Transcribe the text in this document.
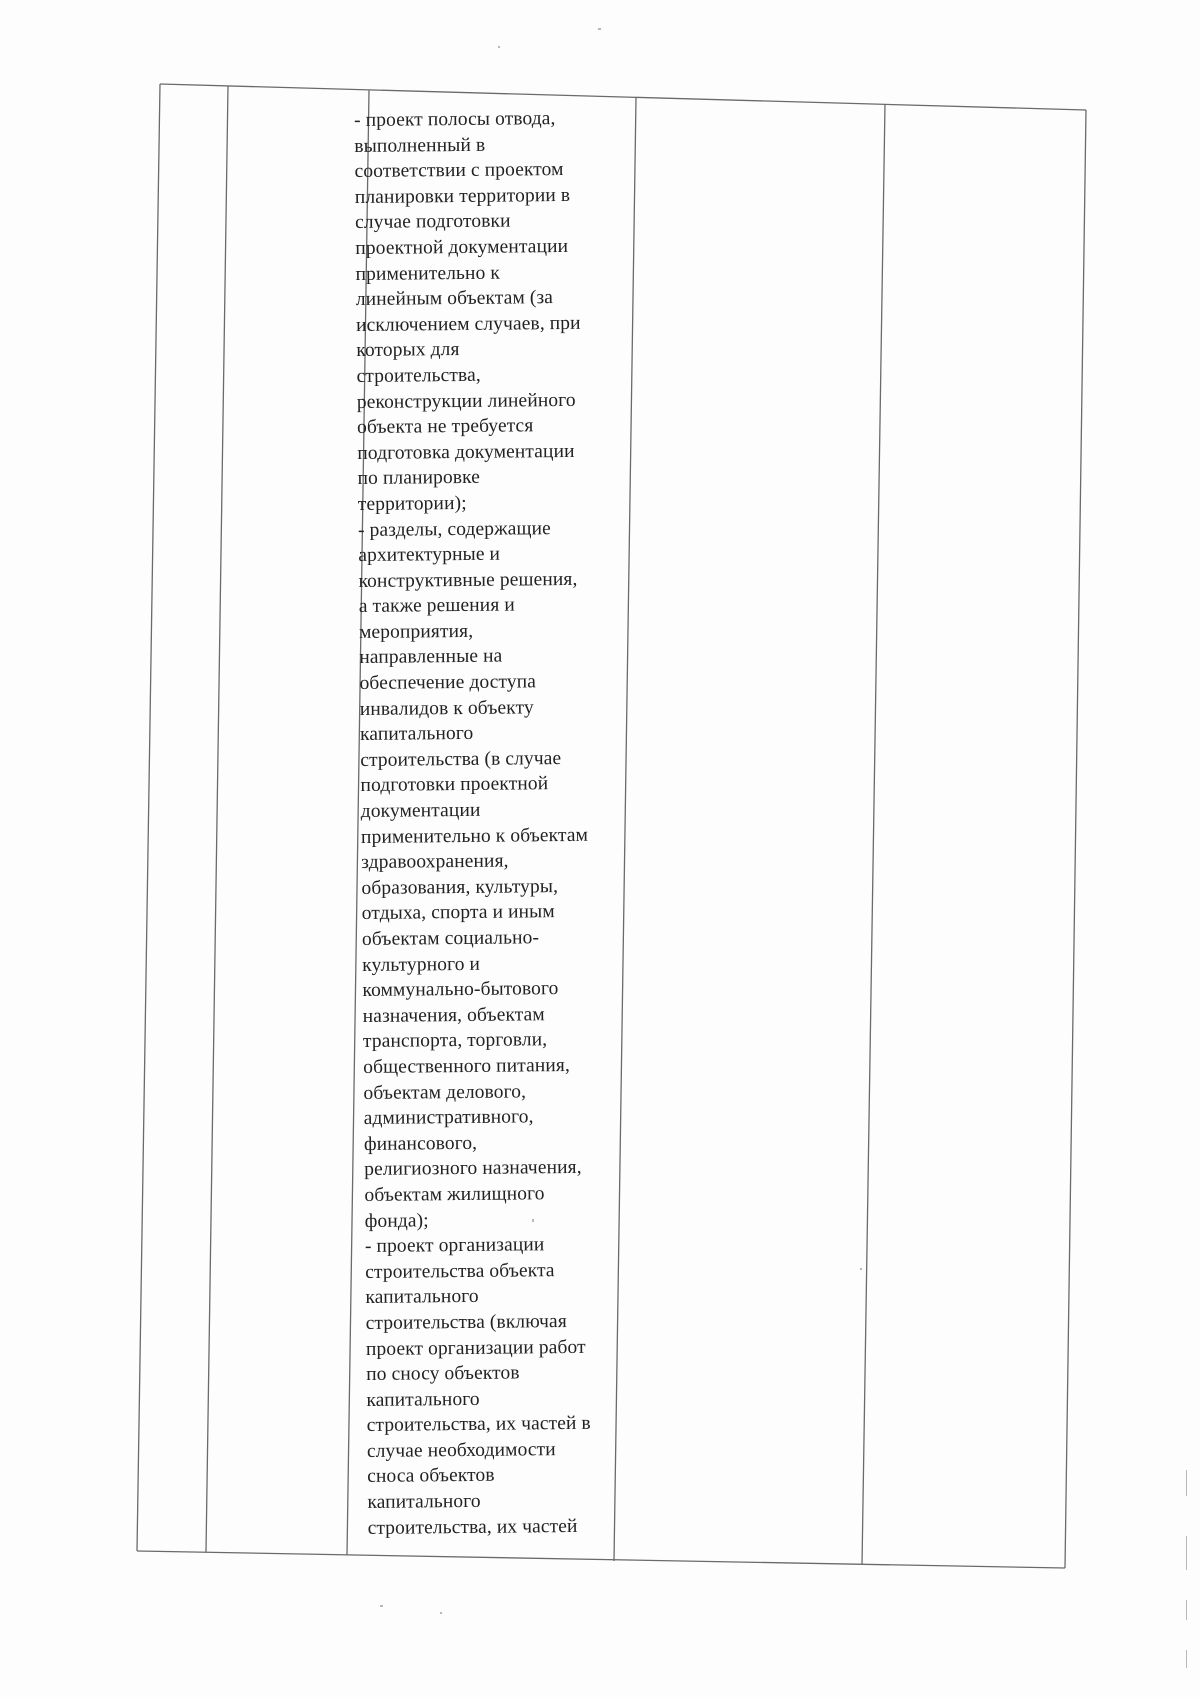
- проект полосы отвода,
выполненный в
соответствии с проектом
планировки территории в
случае подготовки
проектной документации
применительно к
линейным объектам (за
исключением случаев, при
которых для
строительства,
реконструкции линейного
объекта не требуется
подготовка документации
по планировке
территории);
- разделы, содержащие
архитектурные и
конструктивные решения,
а также решения и
мероприятия,
направленные на
обеспечение доступа
инвалидов к объекту
капитального
строительства (в случае
подготовки проектной
документации
применительно к объектам
здравоохранения,
образования, культуры,
отдыха, спорта и иным
объектам социально-
культурного и
коммунально-бытового
назначения, объектам
транспорта, торговли,
общественного питания,
объектам делового,
административного,
финансового,
религиозного назначения,
объектам жилищного
фонда);
- проект организации
строительства объекта
капитального
строительства (включая
проект организации работ
по сносу объектов
капитального
строительства, их частей в
случае необходимости
сноса объектов
капитального
строительства, их частей
